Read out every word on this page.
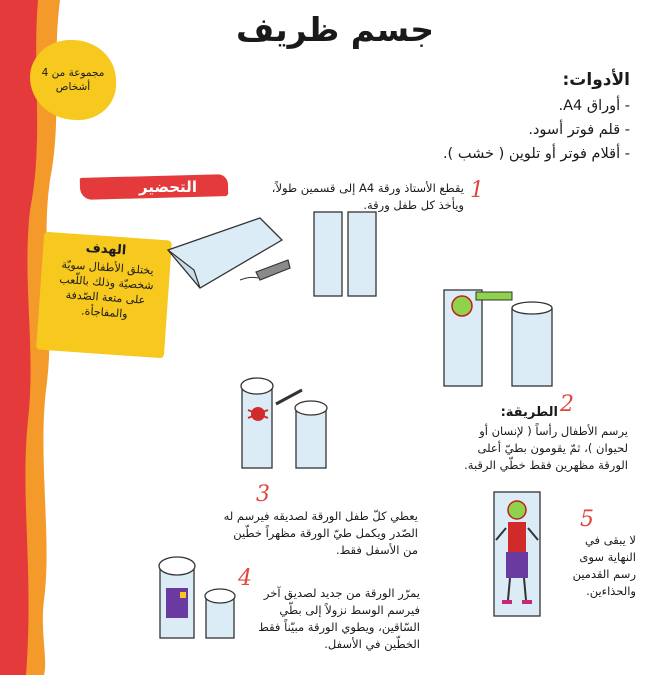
جسم ظريف
مجموعة من 4 أشخاص	الأدوات:
- أوراق A4.
- قلم فوتر أسود.
- أقلام فوتر أو تلوين ( خشب ).
التحضير
الهدف
يختلق الأطفال سويّة شخصيّة وذلك باللّعب على متعة الصّدفة والمفاجأة.
1
يقطع الأستاذ ورقة A4 إلى قسمين طولاً، ويأخذ كل طفل ورقة.
2
الطريقة:
يرسم الأطفال رأساً ( لإنسان أو لحيوان )، ثمّ يقومون بطيّ أعلى الورقة مظهرين فقط خطّي الرقبة.
3
يعطي كلّ طفل الورقة لصديقه فيرسم له الصّدر ويكمل طيّ الورقة مظهراً خطّين من الأسفل فقط.
5
لا يبقى في النهاية سوى رسم القدمين والحذاءين.
4
يمرّر الورقة من جديد لصديق آخر فيرسم الوسط نزولاً إلى بطّي السّاقين، ويطوي الورقة مبيّناً فقط الخطّين في الأسفل.
